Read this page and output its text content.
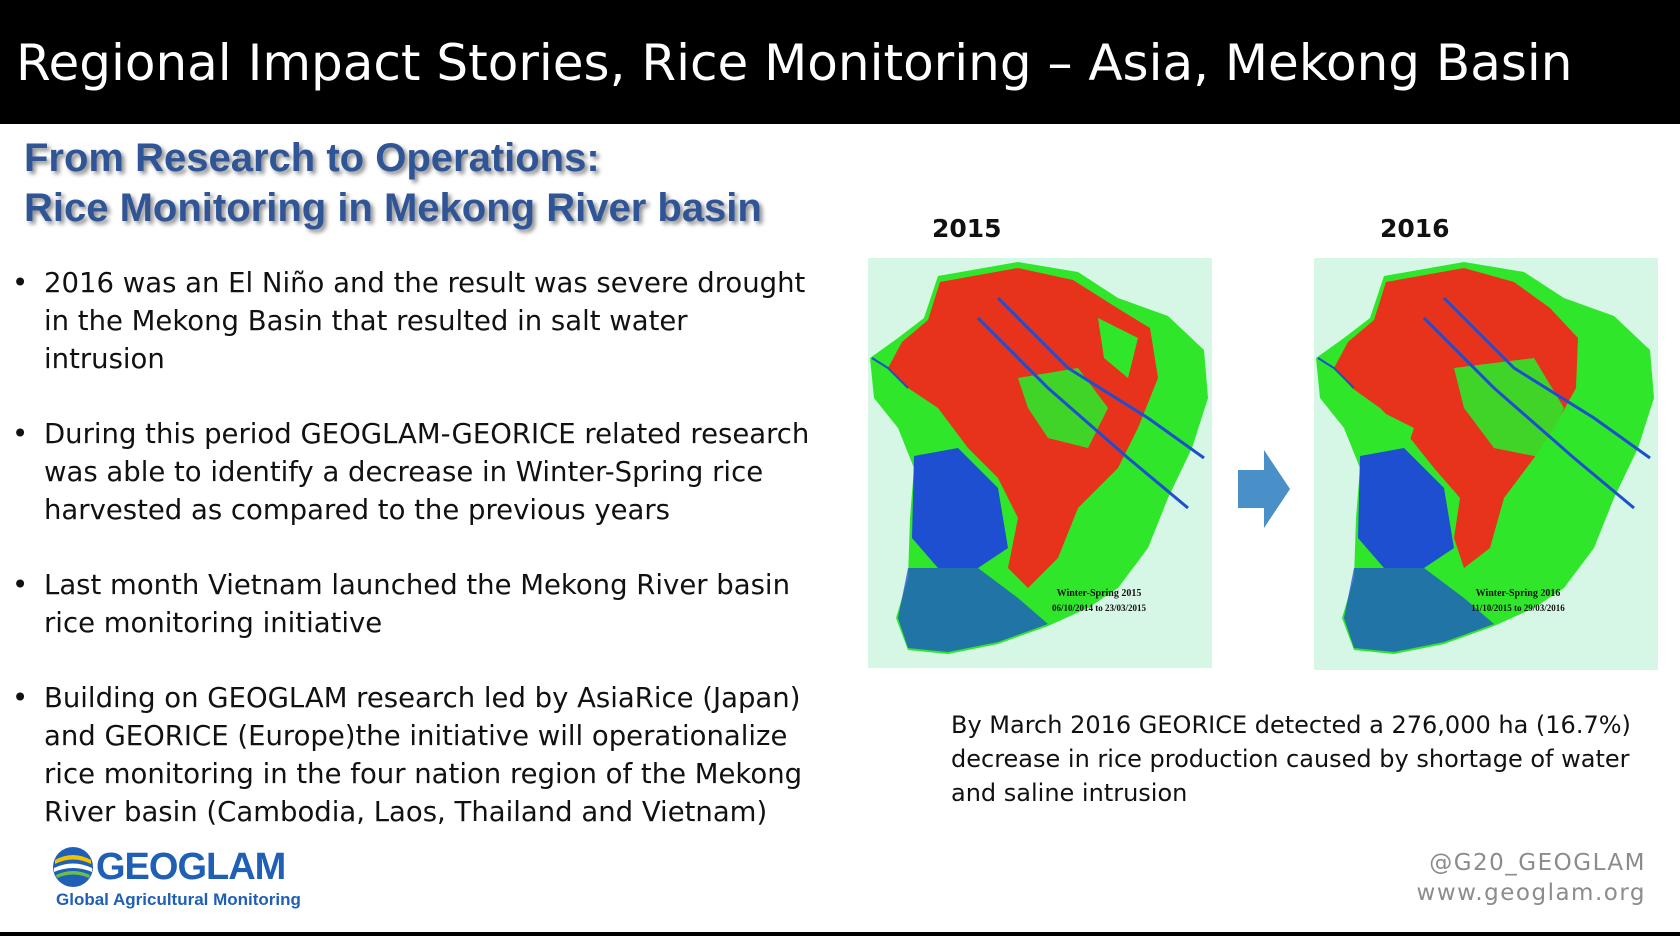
Regional Impact Stories, Rice Monitoring – Asia, Mekong Basin
From Research to Operations:
Rice Monitoring in Mekong River basin
• 2016 was an El Niño and the result was severe drought in the Mekong Basin that resulted in salt water intrusion
• During this period GEOGLAM-GEORICE related research was able to identify a decrease in Winter-Spring rice harvested as compared to the previous years
• Last month Vietnam launched the Mekong River basin rice monitoring initiative
• Building on GEOGLAM research led by AsiaRice (Japan) and GEORICE (Europe)the initiative will operationalize rice monitoring in the four nation region of the Mekong River basin (Cambodia, Laos, Thailand and Vietnam)
2015	2016
Winter-Spring 2015
06/10/2014 to 23/03/2015
Winter-Spring 2016
11/10/2015 to 29/03/2016
By March 2016 GEORICE detected a 276,000 ha (16.7%) decrease in rice production caused by shortage of water and saline intrusion
GEOGLAM
Global Agricultural Monitoring
@G20_GEOGLAM
www.geoglam.org
